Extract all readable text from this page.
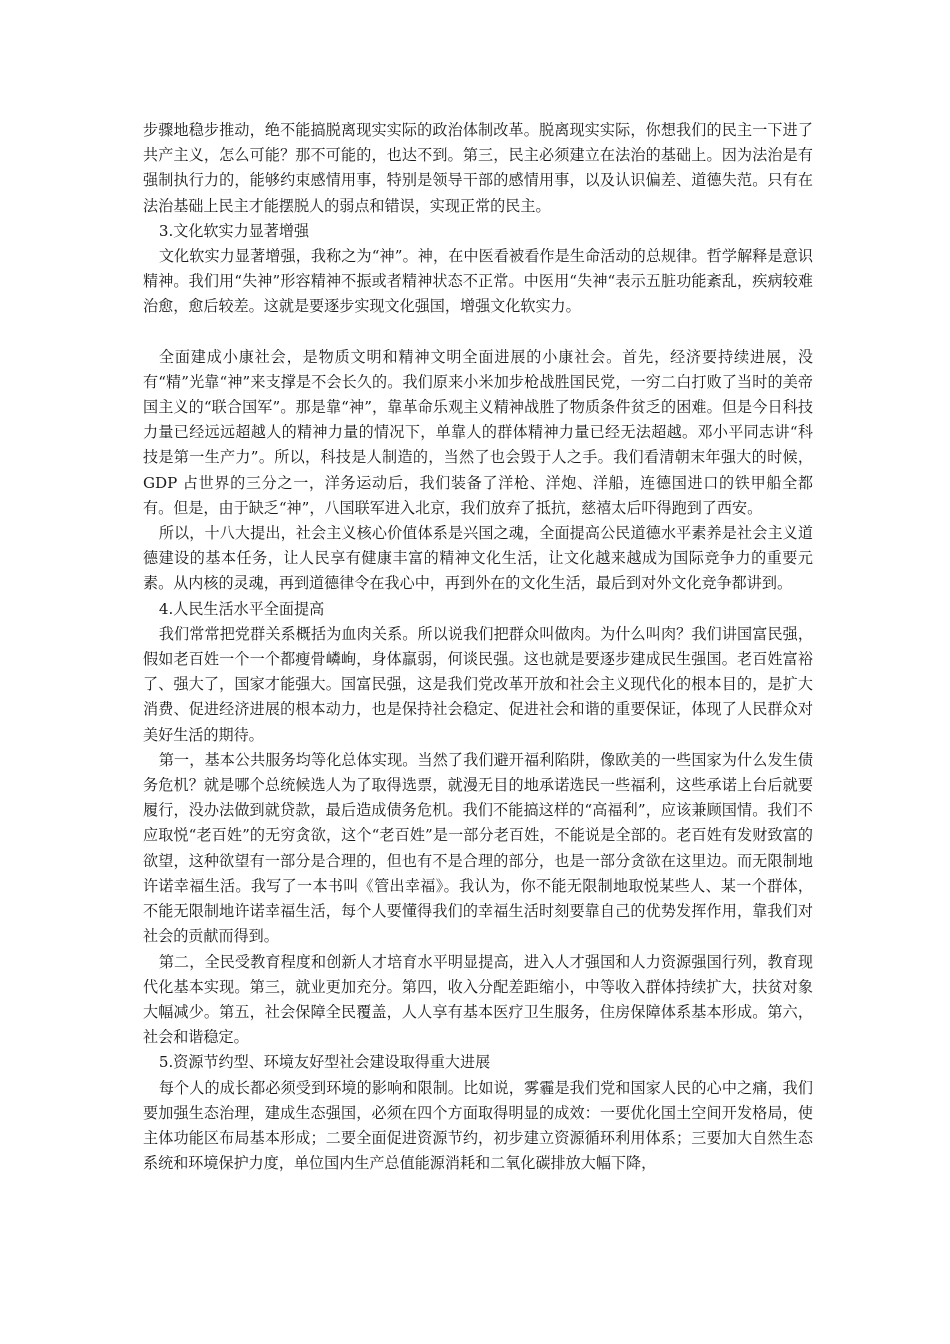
步骤地稳步推动，绝不能搞脱离现实实际的政治体制改革。脱离现实实际，你想我们的民主一下进了共产主义，怎么可能？那不可能的，也达不到。第三，民主必须建立在法治的基础上。因为法治是有强制执行力的，能够约束感情用事，特别是领导干部的感情用事，以及认识偏差、道德失范。只有在法治基础上民主才能摆脱人的弱点和错误，实现正常的民主。

3.文化软实力显著增强

文化软实力显著增强，我称之为“神”。神，在中医看被看作是生命活动的总规律。哲学解释是意识精神。我们用“失神”形容精神不振或者精神状态不正常。中医用“失神“表示五脏功能紊乱，疾病较难治愈，愈后较差。这就是要逐步实现文化强国，增强文化软实力。

全面建成小康社会，是物质文明和精神文明全面进展的小康社会。首先，经济要持续进展，没有“精”光靠“神”来支撑是不会长久的。我们原来小米加步枪战胜国民党，一穷二白打败了当时的美帝国主义的“联合国军”。那是靠“神”，靠革命乐观主义精神战胜了物质条件贫乏的困难。但是今日科技力量已经远远超越人的精神力量的情况下，单靠人的群体精神力量已经无法超越。邓小平同志讲“科技是第一生产力”。所以，科技是人制造的，当然了也会毁于人之手。我们看清朝末年强大的时候，GDP 占世界的三分之一，洋务运动后，我们装备了洋枪、洋炮、洋船，连德国进口的铁甲船全都有。但是，由于缺乏“神”，八国联军进入北京，我们放弃了抵抗，慈禧太后吓得跑到了西安。

所以，十八大提出，社会主义核心价值体系是兴国之魂，全面提高公民道德水平素养是社会主义道德建设的基本任务，让人民享有健康丰富的精神文化生活，让文化越来越成为国际竞争力的重要元素。从内核的灵魂，再到道德律令在我心中，再到外在的文化生活，最后到对外文化竞争都讲到。

4.人民生活水平全面提高

我们常常把党群关系概括为血肉关系。所以说我们把群众叫做肉。为什么叫肉？我们讲国富民强，假如老百姓一个一个都瘦骨嶙峋，身体羸弱，何谈民强。这也就是要逐步建成民生强国。老百姓富裕了、强大了，国家才能强大。国富民强，这是我们党改革开放和社会主义现代化的根本目的，是扩大消费、促进经济进展的根本动力，也是保持社会稳定、促进社会和谐的重要保证，体现了人民群众对美好生活的期待。

第一，基本公共服务均等化总体实现。当然了我们避开福利陷阱，像欧美的一些国家为什么发生债务危机？就是哪个总统候选人为了取得选票，就漫无目的地承诺选民一些福利，这些承诺上台后就要履行，没办法做到就贷款，最后造成债务危机。我们不能搞这样的“高福利”，应该兼顾国情。我们不应取悦“老百姓”的无穷贪欲，这个“老百姓”是一部分老百姓，不能说是全部的。老百姓有发财致富的欲望，这种欲望有一部分是合理的，但也有不是合理的部分，也是一部分贪欲在这里边。而无限制地许诺幸福生活。我写了一本书叫《管出幸福》。我认为，你不能无限制地取悦某些人、某一个群体，不能无限制地许诺幸福生活，每个人要懂得我们的幸福生活时刻要靠自己的优势发挥作用，靠我们对社会的贡献而得到。

第二，全民受教育程度和创新人才培育水平明显提高，进入人才强国和人力资源强国行列，教育现代化基本实现。第三，就业更加充分。第四，收入分配差距缩小，中等收入群体持续扩大，扶贫对象大幅减少。第五，社会保障全民覆盖，人人享有基本医疗卫生服务，住房保障体系基本形成。第六，社会和谐稳定。

5.资源节约型、环境友好型社会建设取得重大进展

每个人的成长都必须受到环境的影响和限制。比如说，雾霾是我们党和国家人民的心中之痛，我们要加强生态治理，建成生态强国，必须在四个方面取得明显的成效：一要优化国土空间开发格局，使主体功能区布局基本形成；二要全面促进资源节约，初步建立资源循环利用体系；三要加大自然生态系统和环境保护力度，单位国内生产总值能源消耗和二氧化碳排放大幅下降，
